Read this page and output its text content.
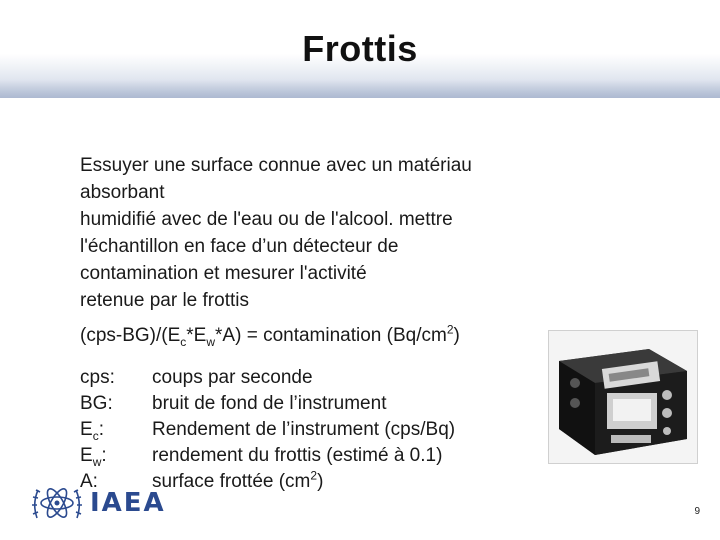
Frottis
Essuyer une surface connue avec un matériau
absorbant
humidifié avec de l'eau ou de l'alcool. mettre
l'échantillon en face d’un détecteur de
contamination et mesurer l'activité
retenue par le frottis
$(cps-BG)/(E_c*E_w*A)$ = contamination $(Bq/cm^2)$
cps:	coups par seconde
BG:	bruit de fond de l’instrument
$E_c$:	Rendement de l’instrument (cps/Bq)
$E_w$:	rendement du frottis (estimé à 0.1)
A:	surface frottée $(cm^2)$
IAEA	9
